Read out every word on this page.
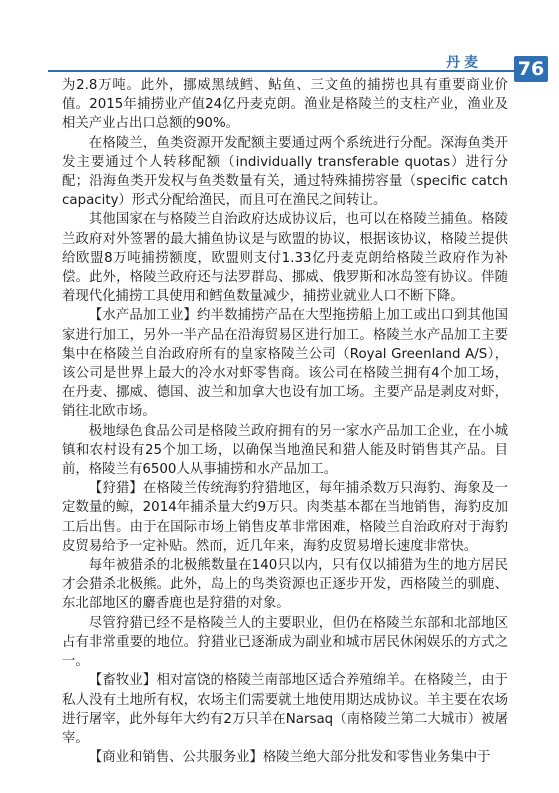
丹麦 76

为2.8万吨。此外，挪威黑绒鳕、鲇鱼、三文鱼的捕捞也具有重要商业价值。2015年捕捞业产值24亿丹麦克朗。渔业是格陵兰的支柱产业，渔业及相关产业占出口总额的90%。

在格陵兰，鱼类资源开发配额主要通过两个系统进行分配。深海鱼类开发主要通过个人转移配额（individually transferable quotas）进行分配；沿海鱼类开发权与鱼类数量有关，通过特殊捕捞容量（specific catch capacity）形式分配给渔民，而且可在渔民之间转让。

其他国家在与格陵兰自治政府达成协议后，也可以在格陵兰捕鱼。格陵兰政府对外签署的最大捕鱼协议是与欧盟的协议，根据该协议，格陵兰提供给欧盟8万吨捕捞额度，欧盟则支付1.33亿丹麦克朗给格陵兰政府作为补偿。此外，格陵兰政府还与法罗群岛、挪威、俄罗斯和冰岛签有协议。伴随着现代化捕捞工具使用和鳕鱼数量减少，捕捞业就业人口不断下降。

【水产品加工业】约半数捕捞产品在大型拖捞船上加工或出口到其他国家进行加工，另外一半产品在沿海贸易区进行加工。格陵兰水产品加工主要集中在格陵兰自治政府所有的皇家格陵兰公司（Royal Greenland A/S），该公司是世界上最大的冷水对虾零售商。该公司在格陵兰拥有4个加工场，在丹麦、挪威、德国、波兰和加拿大也设有加工场。主要产品是剥皮对虾，销往北欧市场。

极地绿色食品公司是格陵兰政府拥有的另一家水产品加工企业，在小城镇和农村设有25个加工场，以确保当地渔民和猎人能及时销售其产品。目前，格陵兰有6500人从事捕捞和水产品加工。

【狩猎】在格陵兰传统海豹狩猎地区，每年捕杀数万只海豹、海象及一定数量的鲸，2014年捕杀量大约9万只。肉类基本都在当地销售，海豹皮加工后出售。由于在国际市场上销售皮革非常困难，格陵兰自治政府对于海豹皮贸易给予一定补贴。然而，近几年来，海豹皮贸易增长速度非常快。

每年被猎杀的北极熊数量在140只以内，只有仅以捕猎为生的地方居民才会猎杀北极熊。此外，岛上的鸟类资源也正逐步开发，西格陵兰的驯鹿、东北部地区的麝香鹿也是狩猎的对象。

尽管狩猎已经不是格陵兰人的主要职业，但仍在格陵兰东部和北部地区占有非常重要的地位。狩猎业已逐渐成为副业和城市居民休闲娱乐的方式之一。

【畜牧业】相对富饶的格陵兰南部地区适合养殖绵羊。在格陵兰，由于私人没有土地所有权，农场主们需要就土地使用期达成协议。羊主要在农场进行屠宰，此外每年大约有2万只羊在Narsaq（南格陵兰第二大城市）被屠宰。

【商业和销售、公共服务业】格陵兰绝大部分批发和零售业务集中于
